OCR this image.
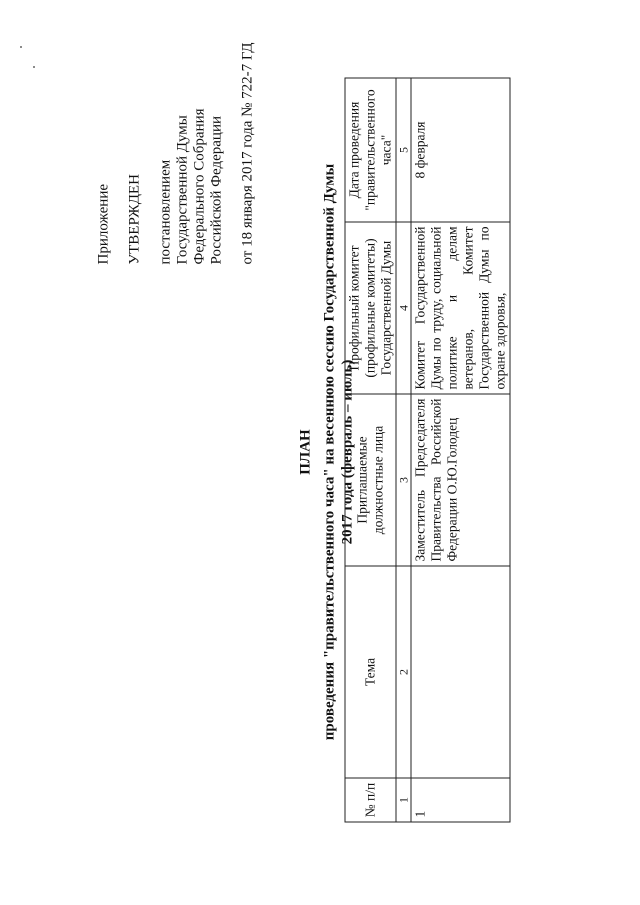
Приложение УТВЕРЖДЕН постановлением Государственной Думы Федерального Собрания Российской Федерации от 18 января 2017 года № 722-7 ГД
ПЛАН проведения "правительственного часа" на весеннюю сессию Государственной Думы 2017 года (февраль – июль)
№ п/п	Тема	Приглашаемые должностные лица	Профильный комитет (профильные комитеты) Государственной Думы	Дата проведения "правительственного часа"
1	2	3	4	5
1		Заместитель Председателя Правительства Российской Федерации О.Ю.Голодец	Комитет Государственной Думы по труду, социальной политике и делам ветеранов, Комитет Государственной Думы по охране здоровья,	8 февраля
